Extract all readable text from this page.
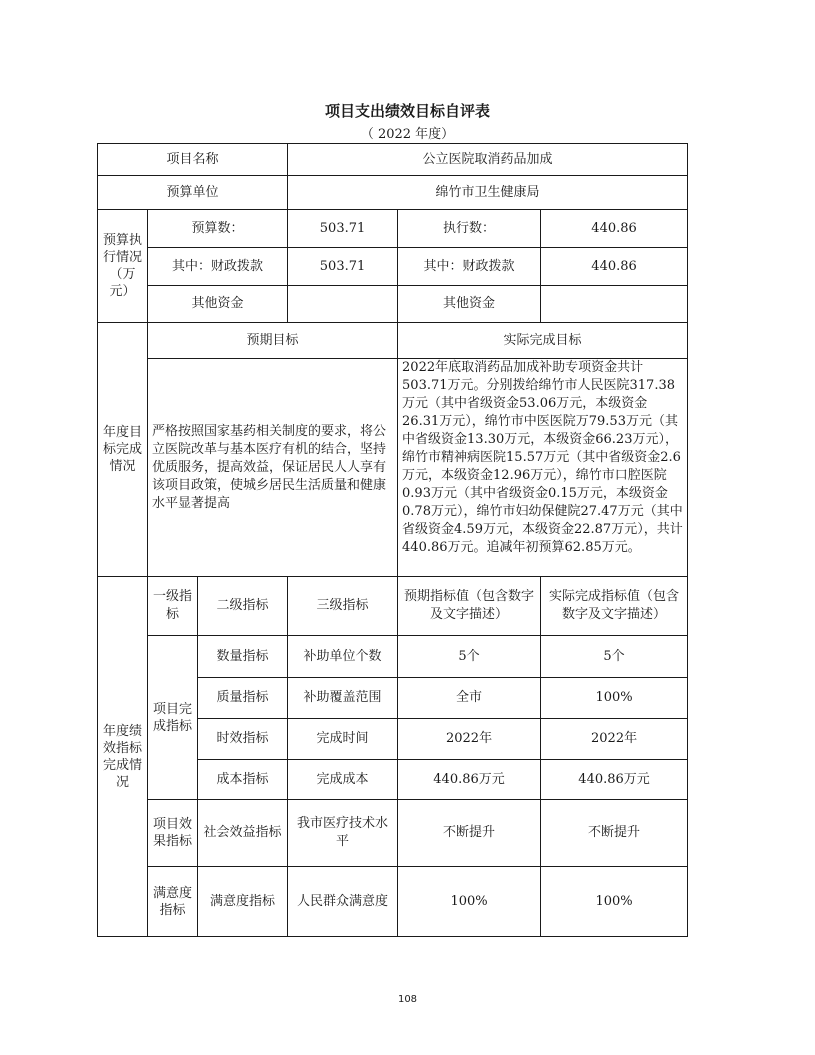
项目支出绩效目标自评表
（ 2022 年度）
项目名称			公立医院取消药品加成		
预算单位			绵竹市卫生健康局		
预算执行情况（万元）	预算数：		503.71	执行数：	440.86
	其中：财政拨款		503.71	其中：财政拨款	440.86
	其他资金			其他资金	
年度目标完成情况	预期目标			实际完成目标	
	严格按照国家基药相关制度的要求，将公立医院改革与基本医疗有机的结合，坚持优质服务，提高效益，保证居民人人享有该项目政策，使城乡居民生活质量和健康水平显著提高			2022年底取消药品加成补助专项资金共计503.71万元。分别拨给绵竹市人民医院317.38万元（其中省级资金53.06万元，本级资金26.31万元），绵竹市中医医院万79.53万元（其中省级资金13.30万元，本级资金66.23万元），绵竹市精神病医院15.57万元（其中省级资金2.6万元，本级资金12.96万元），绵竹市口腔医院0.93万元（其中省级资金0.15万元，本级资金0.78万元），绵竹市妇幼保健院27.47万元（其中省级资金4.59万元，本级资金22.87万元），共计440.86万元。追减年初预算62.85万元。	
年度绩效指标完成情况	一级指标	二级指标	三级指标	预期指标值（包含数字及文字描述）	实际完成指标值（包含数字及文字描述）
	项目完成指标	数量指标	补助单位个数	5个	5个
		质量指标	补助覆盖范围	全市	100%
		时效指标	完成时间	2022年	2022年
		成本指标	完成成本	440.86万元	440.86万元
	项目效果指标	社会效益指标	我市医疗技术水平	不断提升	不断提升
	满意度指标	满意度指标	人民群众满意度	100%	100%
108
